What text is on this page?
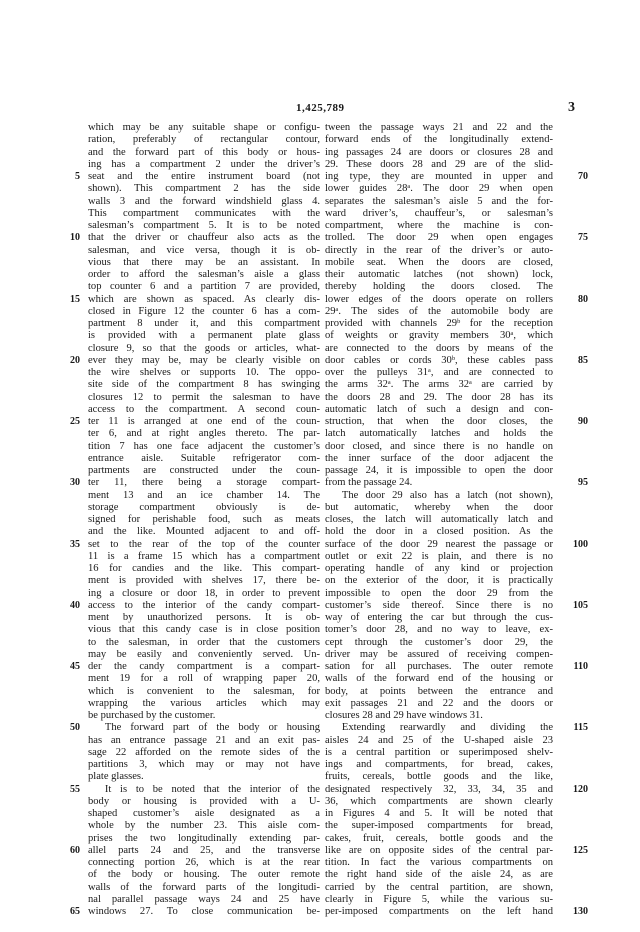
1,425,789	3
which may be any suitable shape or configu-
ration, preferably of rectangular contour,
and the forward part of this body or hous-
ing has a compartment 2 under the driver’s
seat and the entire instrument board (not
shown). This compartment 2 has the side
walls 3 and the forward windshield glass 4.
This compartment communicates with the
salesman’s compartment 5. It is to be noted
that the driver or chauffeur also acts as the
salesman, and vice versa, though it is ob-
vious that there may be an assistant. In
order to afford the salesman’s aisle a glass
top counter 6 and a partition 7 are provided,
which are shown as spaced. As clearly dis-
closed in Figure 12 the counter 6 has a com-
partment 8 under it, and this compartment
is provided with a permanent plate glass
closure 9, so that the goods or articles, what-
ever they may be, may be clearly visible on
the wire shelves or supports 10. The oppo-
site side of the compartment 8 has swinging
closures 12 to permit the salesman to have
access to the compartment. A second coun-
ter 11 is arranged at one end of the coun-
ter 6, and at right angles thereto. The par-
tition 7 has one face adjacent the customer’s
entrance aisle. Suitable refrigerator com-
partments are constructed under the coun-
ter 11, there being a storage compart-
ment 13 and an ice chamber 14. The
storage compartment obviously is de-
signed for perishable food, such as meats
and the like. Mounted adjacent to and off-
set to the rear of the top of the counter
11 is a frame 15 which has a compartment
16 for candies and the like. This compart-
ment is provided with shelves 17, there be-
ing a closure or door 18, in order to prevent
access to the interior of the candy compart-
ment by unauthorized persons. It is ob-
vious that this candy case is in close position
to the salesman, in order that the customers
may be easily and conveniently served. Un-
der the candy compartment is a compart-
ment 19 for a roll of wrapping paper 20,
which is convenient to the salesman, for
wrapping the various articles which may
be purchased by the customer.
The forward part of the body or housing
has an entrance passage 21 and an exit pas-
sage 22 afforded on the remote sides of the
partitions 3, which may or may not have
plate glasses.
It is to be noted that the interior of the
body or housing is provided with a U-
shaped customer’s aisle designated as a
whole by the number 23. This aisle com-
prises the two longitudinally extending par-
allel parts 24 and 25, and the transverse
connecting portion 26, which is at the rear
of the body or housing. The outer remote
walls of the forward parts of the longitudi-
nal parallel passage ways 24 and 25 have
windows 27. To close communication be-
tween the passage ways 21 and 22 and the
forward ends of the longitudinally extend-
ing passages 24 are doors or closures 28 and
29. These doors 28 and 29 are of the slid-
ing type, they are mounted in upper and
lower guides 28ᵃ. The door 29 when open
separates the salesman’s aisle 5 and the for-
ward driver’s, chauffeur’s, or salesman’s
compartment, where the machine is con-
trolled. The door 29 when open engages
directly in the rear of the driver’s or auto-
mobile seat. When the doors are closed,
their automatic latches (not shown) lock,
thereby holding the doors closed. The
lower edges of the doors operate on rollers
29ᵃ. The sides of the automobile body are
provided with channels 29ᵇ for the reception
of weights or gravity members 30ᵃ, which
are connected to the doors by means of the
door cables or cords 30ᵇ, these cables pass
over the pulleys 31ᵃ, and are connected to
the arms 32ᵃ. The arms 32ᵃ are carried by
the doors 28 and 29. The door 28 has its
automatic latch of such a design and con-
struction, that when the door closes, the
latch automatically latches and holds the
door closed, and since there is no handle on
the inner surface of the door adjacent the
passage 24, it is impossible to open the door
from the passage 24.
The door 29 also has a latch (not shown),
but automatic, whereby when the door
closes, the latch will automatically latch and
hold the door in a closed position. As the
surface of the door 29 nearest the passage or
outlet or exit 22 is plain, and there is no
operating handle of any kind or projection
on the exterior of the door, it is practically
impossible to open the door 29 from the
customer’s side thereof. Since there is no
way of entering the car but through the cus-
tomer’s door 28, and no way to leave, ex-
cept through the customer’s door 29, the
driver may be assured of receiving compen-
sation for all purchases. The outer remote
walls of the forward end of the housing or
body, at points between the entrance and
exit passages 21 and 22 and the doors or
closures 28 and 29 have windows 31.
Extending rearwardly and dividing the
aisles 24 and 25 of the U-shaped aisle 23
is a central partition or superimposed shelv-
ings and compartments, for bread, cakes,
fruits, cereals, bottle goods and the like,
designated respectively 32, 33, 34, 35 and
36, which compartments are shown clearly
in Figures 4 and 5. It will be noted that
the super-imposed compartments for bread,
cakes, fruit, cereals, bottle goods and the
like are on opposite sides of the central par-
tition. In fact the various compartments on
the right hand side of the aisle 24, as are
carried by the central partition, are shown,
clearly in Figure 5, while the various su-
per-imposed compartments on the left hand
5
10
15
20
25
30
35
40
45
50
55
60
65
70
75
80
85
90
95
100
105
110
115
120
125
130
